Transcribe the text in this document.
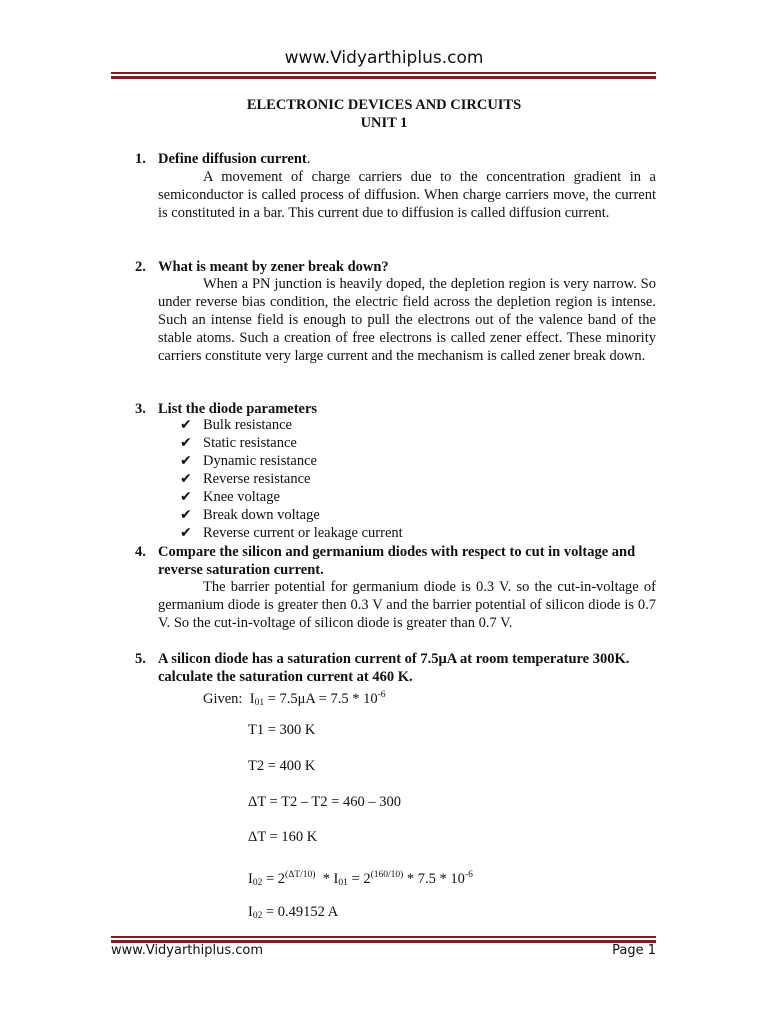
www.Vidyarthiplus.com
ELECTRONIC DEVICES AND CIRCUITS
UNIT 1
1. Define diffusion current.
A movement of charge carriers due to the concentration gradient in a semiconductor is called process of diffusion. When charge carriers move, the current is constituted in a bar. This current due to diffusion is called diffusion current.
2. What is meant by zener break down?
When a PN junction is heavily doped, the depletion region is very narrow. So under reverse bias condition, the electric field across the depletion region is intense. Such an intense field is enough to pull the electrons out of the valence band of the stable atoms. Such a creation of free electrons is called zener effect. These minority carriers constitute very large current and the mechanism is called zener break down.
3. List the diode parameters
✔ Bulk resistance
✔ Static resistance
✔ Dynamic resistance
✔ Reverse resistance
✔ Knee voltage
✔ Break down voltage
✔ Reverse current or leakage current
4. Compare the silicon and germanium diodes with respect to cut in voltage and reverse saturation current.
The barrier potential for germanium diode is 0.3 V. so the cut-in-voltage of germanium diode is greater then 0.3 V and the barrier potential of silicon diode is 0.7 V. So the cut-in-voltage of silicon diode is greater than 0.7 V.
5. A silicon diode has a saturation current of 7.5μA at room temperature 300K. calculate the saturation current at 460 K.
Given: $I_{01} = 7.5\mu A = 7.5 * 10^{-6}$
T1 = 300 K
T2 = 400 K
ΔT = T2 – T2 = 460 – 300
ΔT = 160 K
$I_{02} = 2^{(\Delta T/10)} * I_{01} = 2^{(160/10)} * 7.5 * 10^{-6}$
$I_{02} = 0.49152$ A
www.Vidyarthiplus.com	Page 1
